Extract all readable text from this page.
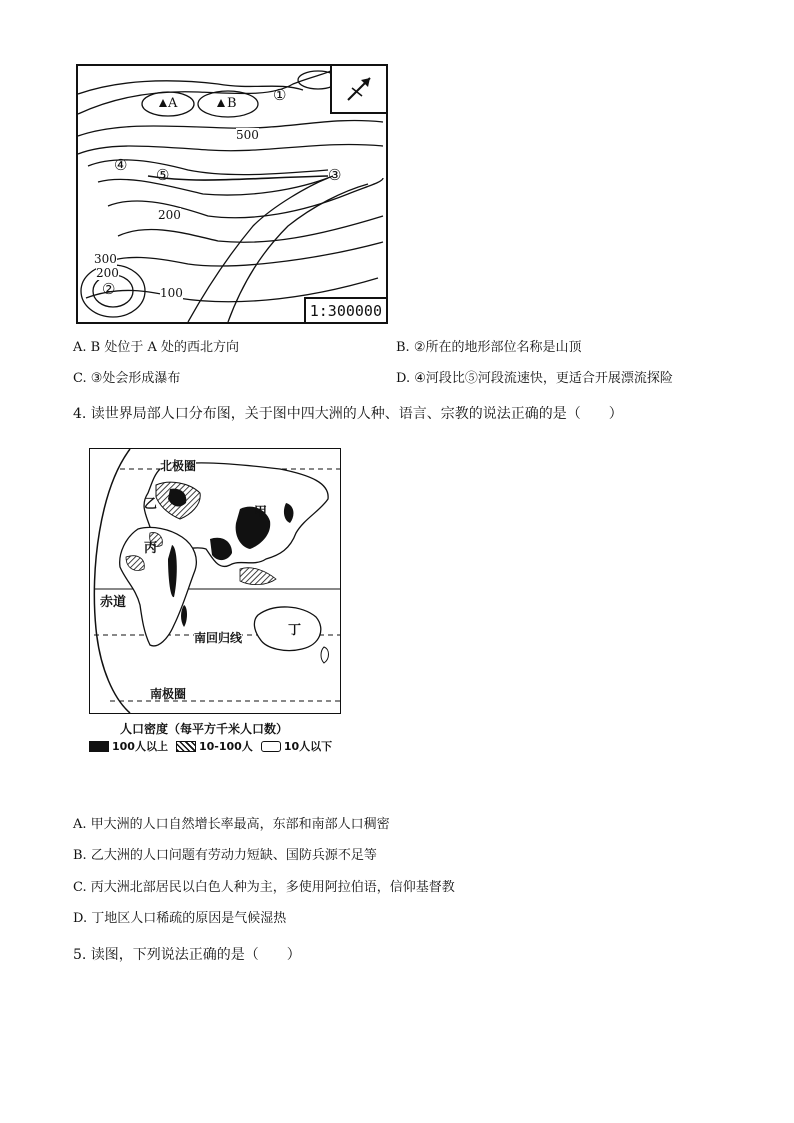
A	B ①
②
③
④
⑤
500
200
300
200
100
1:300000
A. B 处位于 A 处的西北方向	B. ②所在的地形部位名称是山顶
C. ③处会形成瀑布	D. ④河段比⑤河段流速快，更适合开展漂流探险
4. 读世界局部人口分布图，关于图中四大洲的人种、语言、宗教的说法正确的是（　　）
北极圈
甲
乙
丙
赤道
丁
南回归线
南极圈
人口密度（每平方千米人口数）
100人以上	10-100人	10人以下
A. 甲大洲的人口自然增长率最高，东部和南部人口稠密
B. 乙大洲的人口问题有劳动力短缺、国防兵源不足等
C. 丙大洲北部居民以白色人种为主，多使用阿拉伯语，信仰基督教
D. 丁地区人口稀疏的原因是气候湿热
5. 读图，下列说法正确的是（　　）
